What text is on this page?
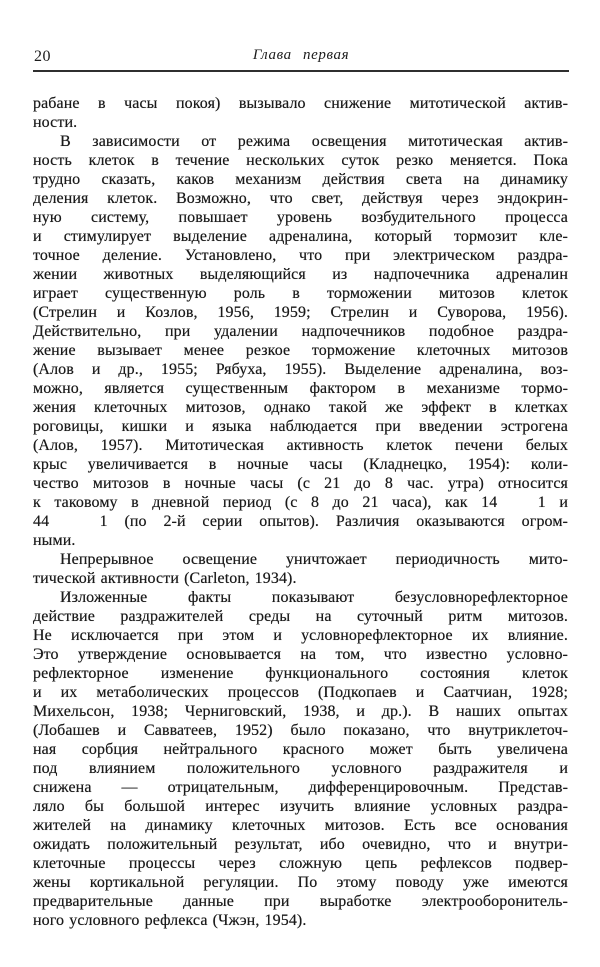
20	Глава первая
рабане в часы покоя) вызывало снижение митотической актив-
ности.
В зависимости от режима освещения митотическая актив-
ность клеток в течение нескольких суток резко меняется. Пока
трудно сказать, каков механизм действия света на динамику
деления клеток. Возможно, что свет, действуя через эндокрин-
ную систему, повышает уровень возбудительного процесса
и стимулирует выделение адреналина, который тормозит кле-
точное деление. Установлено, что при электрическом раздра-
жении животных выделяющийся из надпочечника адреналин
играет существенную роль в торможении митозов клеток
(Стрелин и Козлов, 1956, 1959; Стрелин и Суворова, 1956).
Действительно, при удалении надпочечников подобное раздра-
жение вызывает менее резкое торможение клеточных митозов
(Алов и др., 1955; Рябуха, 1955). Выделение адреналина, воз-
можно, является существенным фактором в механизме тормо-
жения клеточных митозов, однако такой же эффект в клетках
роговицы, кишки и языка наблюдается при введении эстрогена
(Алов, 1957). Митотическая активность клеток печени белых
крыс увеличивается в ночные часы (Кладнецко, 1954): коли-
чество митозов в ночные часы (с 21 до 8 час. утра) относится
к таковому в дневной период (с 8 до 21 часа), как 14   1 и
44   1 (по 2-й серии опытов). Различия оказываются огром-
ными.
Непрерывное освещение уничтожает периодичность мито-
тической активности (Carleton, 1934).
Изложенные факты показывают безусловнорефлекторное
действие раздражителей среды на суточный ритм митозов.
Не исключается при этом и условнорефлекторное их влияние.
Это утверждение основывается на том, что известно условно-
рефлекторное изменение функционального состояния клеток
и их метаболических процессов (Подкопаев и Саатчиан, 1928;
Михельсон, 1938; Черниговский, 1938, и др.). В наших опытах
(Лобашев и Савватеев, 1952) было показано, что внутриклеточ-
ная сорбция нейтрального красного может быть увеличена
под влиянием положительного условного раздражителя и
снижена — отрицательным, дифференцировочным. Представ-
ляло бы большой интерес изучить влияние условных раздра-
жителей на динамику клеточных митозов. Есть все основания
ожидать положительный результат, ибо очевидно, что и внутри-
клеточные процессы через сложную цепь рефлексов подвер-
жены кортикальной регуляции. По этому поводу уже имеются
предварительные данные при выработке электрооборонитель-
ного условного рефлекса (Чжэн, 1954).
